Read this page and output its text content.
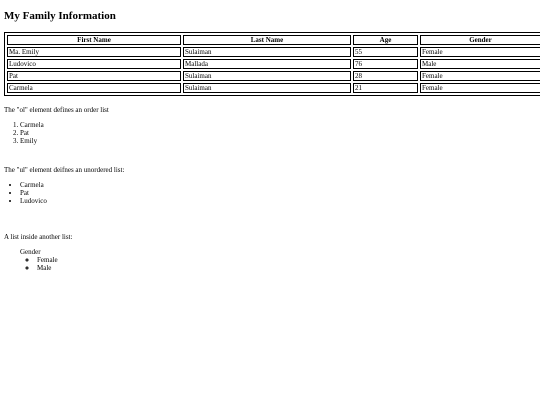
My Family Information
First Name	Last Name	Age	Gender
Ma. Emily	Sulaiman	55	Female
Ludovico	Mallada	76	Male
Pat	Sulaiman	28	Female
Carmela	Sulaiman	21	Female

The "ol" element defines an order list

1. Carmela
2. Pat
3. Emily

The "ul" element deifnes an unordered list:

• Carmela
• Pat
• Ludovico

A list inside another list:

Gender
◦ Female
◦ Male
